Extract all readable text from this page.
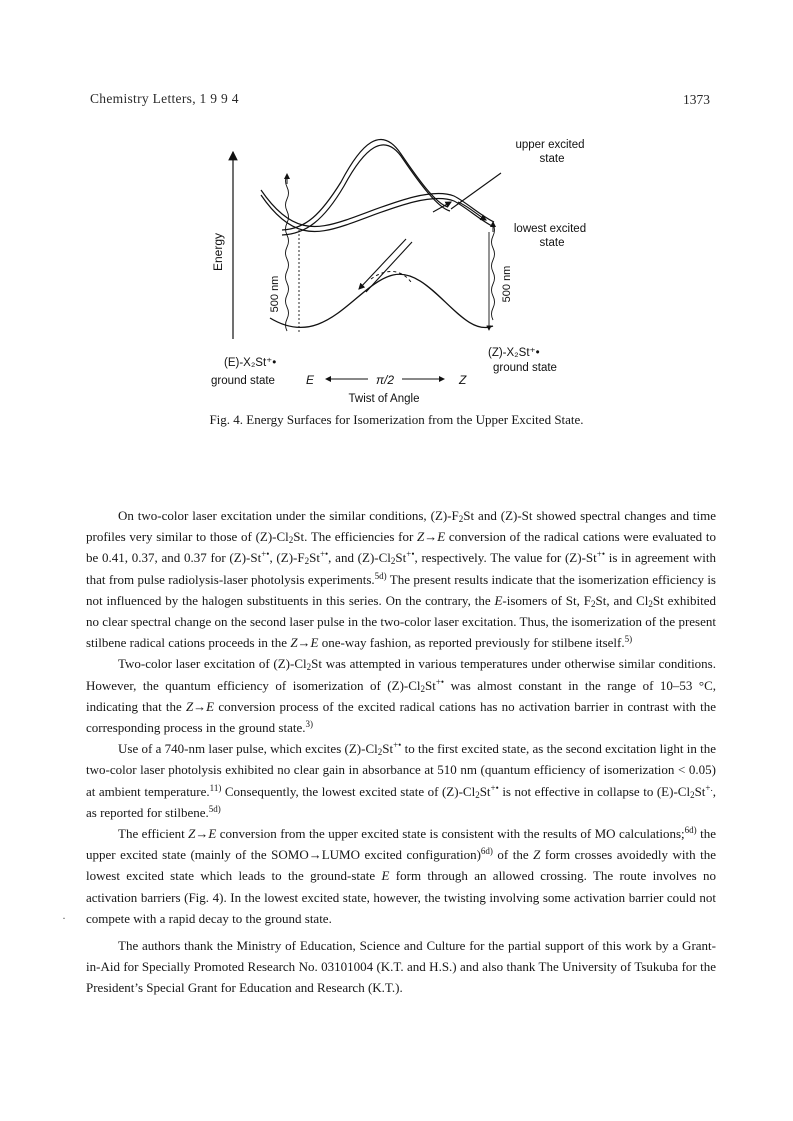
Chemistry Letters, 1 9 9 4	1373
Energy
500 nm	500 nm
upper excited
state
lowest excited
state
(E)-X₂St⁺•
ground state
(Z)-X₂St⁺•
ground state
E	π/2	Z
Twist of Angle
Fig. 4. Energy Surfaces for Isomerization from the Upper Excited State.
·

On two-color laser excitation under the similar conditions, $(Z)-F_2St$ and (Z)-St showed spectral changes and time profiles very similar to those of $(Z)-Cl_2St$. The efficiencies for Z→E conversion of the radical cations were evaluated to be 0.41, 0.37, and 0.37 for (Z)-St+•, $(Z)-F_2St^{+•}$, and $(Z)-Cl_2St^{+•}$, respectively. The value for (Z)-St+• is in agreement with that from pulse radiolysis-laser photolysis experiments.$^{5d)}$ The present results indicate that the isomerization efficiency is not influenced by the halogen substituents in this series. On the contrary, the E-isomers of St, $F_2St$, and $Cl_2St$ exhibited no clear spectral change on the second laser pulse in the two-color laser excitation. Thus, the isomerization of the present stilbene radical cations proceeds in the Z→E one-way fashion, as reported previously for stilbene itself.$^{5)}$

Two-color laser excitation of $(Z)-Cl_2St$ was attempted in various temperatures under otherwise similar conditions. However, the quantum efficiency of isomerization of $(Z)-Cl_2St^{+•}$ was almost constant in the range of 10–53 °C, indicating that the Z→E conversion process of the excited radical cations has no activation barrier in contrast with the corresponding process in the ground state.$^{3)}$

Use of a 740-nm laser pulse, which excites $(Z)-Cl_2St^{+•}$ to the first excited state, as the second excitation light in the two-color laser photolysis exhibited no clear gain in absorbance at 510 nm (quantum efficiency of isomerization < 0.05) at ambient temperature.$^{11)}$ Consequently, the lowest excited state of $(Z)-Cl_2St^{+•}$ is not effective in collapse to $(E)-Cl_2St^{+.}$, as reported for stilbene.$^{5d)}$

The efficient Z→E conversion from the upper excited state is consistent with the results of MO calculations;$^{6d)}$ the upper excited state (mainly of the SOMO→LUMO excited configuration)$^{6d)}$ of the Z form crosses avoidedly with the lowest excited state which leads to the ground-state E form through an allowed crossing. The route involves no activation barriers (Fig. 4). In the lowest excited state, however, the twisting involving some activation barrier could not compete with a rapid decay to the ground state.

The authors thank the Ministry of Education, Science and Culture for the partial support of this work by a Grant-in-Aid for Specially Promoted Research No. 03101004 (K.T. and H.S.) and also thank The University of Tsukuba for the President’s Special Grant for Education and Research (K.T.).
